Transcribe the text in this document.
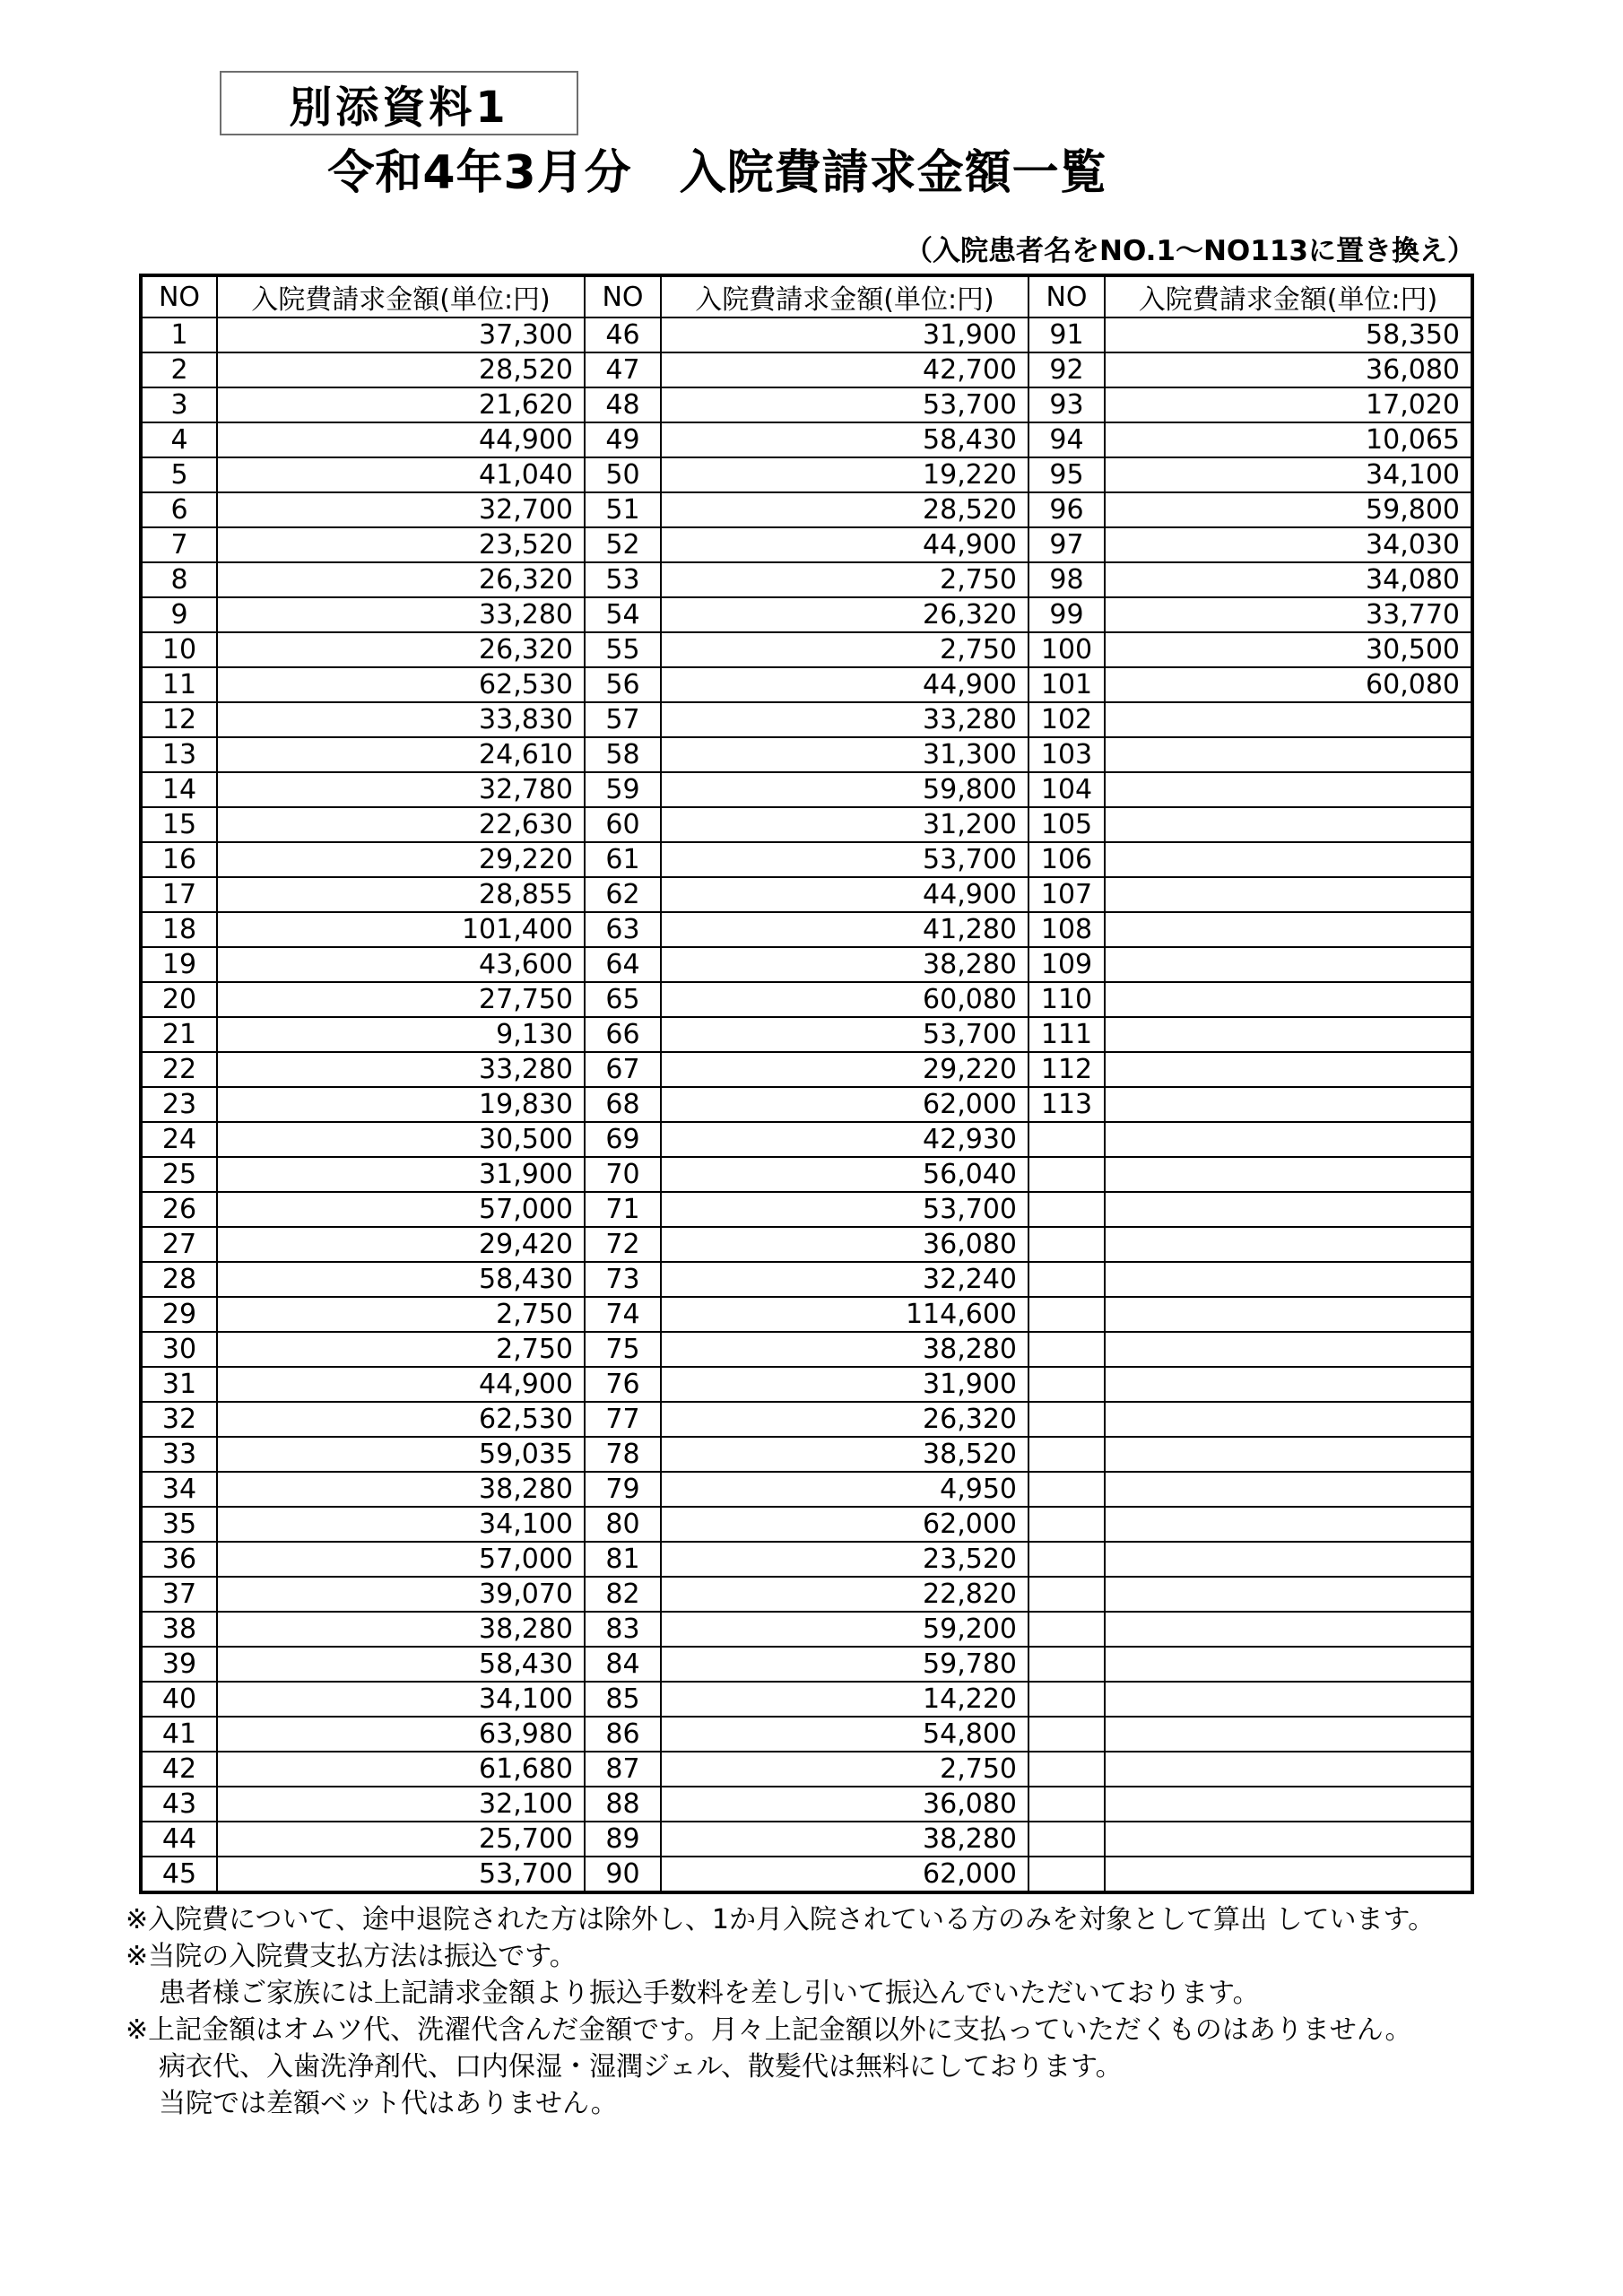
別添資料1
令和4年3月分　入院費請求金額一覧
（入院患者名をNO.1～NO113に置き換え）
NO	入院費請求金額(単位:円)	NO	入院費請求金額(単位:円)	NO	入院費請求金額(単位:円)
1	37,300	46	31,900	91	58,350
2	28,520	47	42,700	92	36,080
3	21,620	48	53,700	93	17,020
4	44,900	49	58,430	94	10,065
5	41,040	50	19,220	95	34,100
6	32,700	51	28,520	96	59,800
7	23,520	52	44,900	97	34,030
8	26,320	53	2,750	98	34,080
9	33,280	54	26,320	99	33,770
10	26,320	55	2,750	100	30,500
11	62,530	56	44,900	101	60,080
12	33,830	57	33,280	102	
13	24,610	58	31,300	103	
14	32,780	59	59,800	104	
15	22,630	60	31,200	105	
16	29,220	61	53,700	106	
17	28,855	62	44,900	107	
18	101,400	63	41,280	108	
19	43,600	64	38,280	109	
20	27,750	65	60,080	110	
21	9,130	66	53,700	111	
22	33,280	67	29,220	112	
23	19,830	68	62,000	113	
24	30,500	69	42,930		
25	31,900	70	56,040		
26	57,000	71	53,700		
27	29,420	72	36,080		
28	58,430	73	32,240		
29	2,750	74	114,600		
30	2,750	75	38,280		
31	44,900	76	31,900		
32	62,530	77	26,320		
33	59,035	78	38,520		
34	38,280	79	4,950		
35	34,100	80	62,000		
36	57,000	81	23,520		
37	39,070	82	22,820		
38	38,280	83	59,200		
39	58,430	84	59,780		
40	34,100	85	14,220		
41	63,980	86	54,800		
42	61,680	87	2,750		
43	32,100	88	36,080		
44	25,700	89	38,280		
45	53,700	90	62,000		
※入院費について、途中退院された方は除外し、1か月入院されている方のみを対象として算出 しています。
※当院の入院費支払方法は振込です。
患者様ご家族には上記請求金額より振込手数料を差し引いて振込んでいただいております。
※上記金額はオムツ代、洗濯代含んだ金額です。月々上記金額以外に支払っていただくものはありません。
病衣代、入歯洗浄剤代、口内保湿・湿潤ジェル、散髪代は無料にしております。
当院では差額ベット代はありません。
